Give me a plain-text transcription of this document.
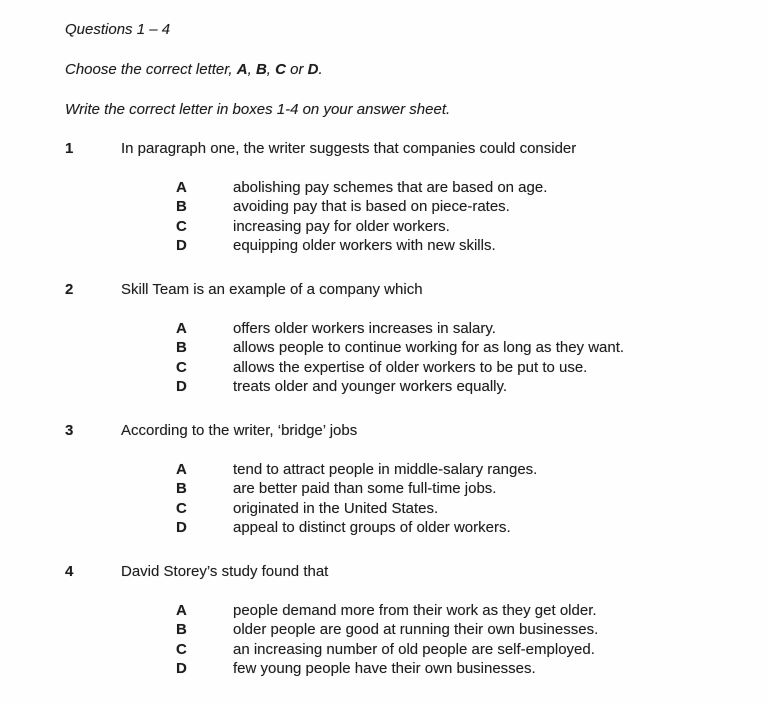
Questions 1 – 4
Choose the correct letter, A, B, C or D.
Write the correct letter in boxes 1-4 on your answer sheet.
1	In paragraph one, the writer suggests that companies could consider
A	abolishing pay schemes that are based on age.
B	avoiding pay that is based on piece-rates.
C	increasing pay for older workers.
D	equipping older workers with new skills.
2	Skill Team is an example of a company which
A	offers older workers increases in salary.
B	allows people to continue working for as long as they want.
C	allows the expertise of older workers to be put to use.
D	treats older and younger workers equally.
3	According to the writer, ‘bridge’ jobs
A	tend to attract people in middle-salary ranges.
B	are better paid than some full-time jobs.
C	originated in the United States.
D	appeal to distinct groups of older workers.
4	David Storey’s study found that
A	people demand more from their work as they get older.
B	older people are good at running their own businesses.
C	an increasing number of old people are self-employed.
D	few young people have their own businesses.
